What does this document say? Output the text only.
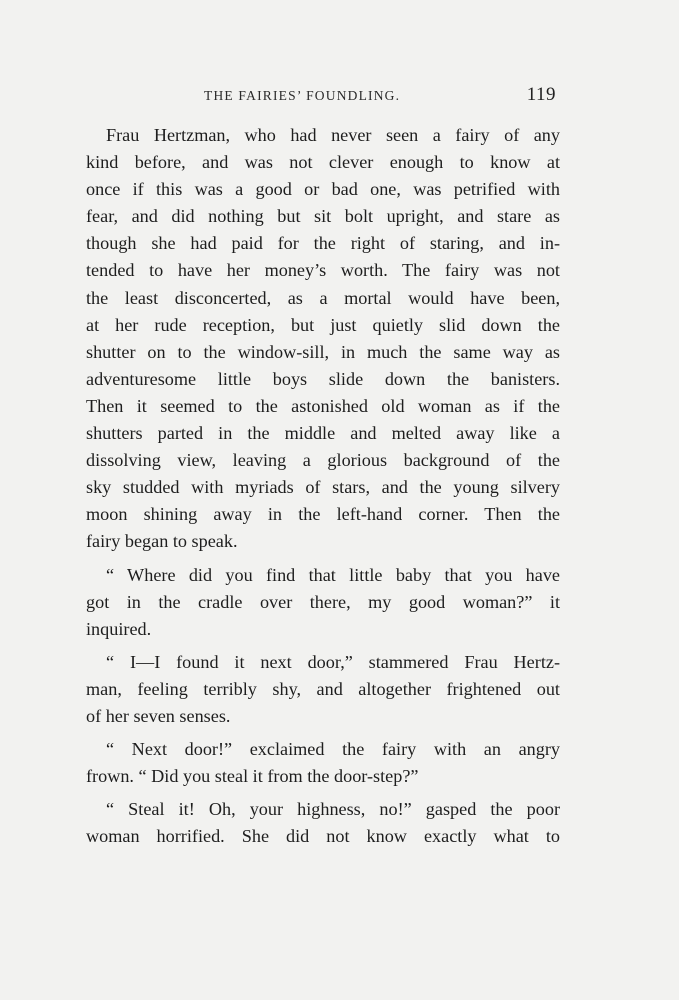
THE FAIRIES’ FOUNDLING.	119
Frau Hertzman, who had never seen a fairy of any
kind before, and was not clever enough to know at
once if this was a good or bad one, was petrified with
fear, and did nothing but sit bolt upright, and stare as
though she had paid for the right of staring, and in-
tended to have her money’s worth. The fairy was not
the least disconcerted, as a mortal would have been,
at her rude reception, but just quietly slid down the
shutter on to the window-sill, in much the same way as
adventuresome little boys slide down the banisters.
Then it seemed to the astonished old woman as if the
shutters parted in the middle and melted away like a
dissolving view, leaving a glorious background of the
sky studded with myriads of stars, and the young silvery
moon shining away in the left-hand corner. Then the
fairy began to speak.
“ Where did you find that little baby that you have
got in the cradle over there, my good woman?” it
inquired.
“ I—I found it next door,” stammered Frau Hertz-
man, feeling terribly shy, and altogether frightened out
of her seven senses.
“ Next door!” exclaimed the fairy with an angry
frown. “ Did you steal it from the door-step?”
“ Steal it! Oh, your highness, no!” gasped the poor
woman horrified. She did not know exactly what to
